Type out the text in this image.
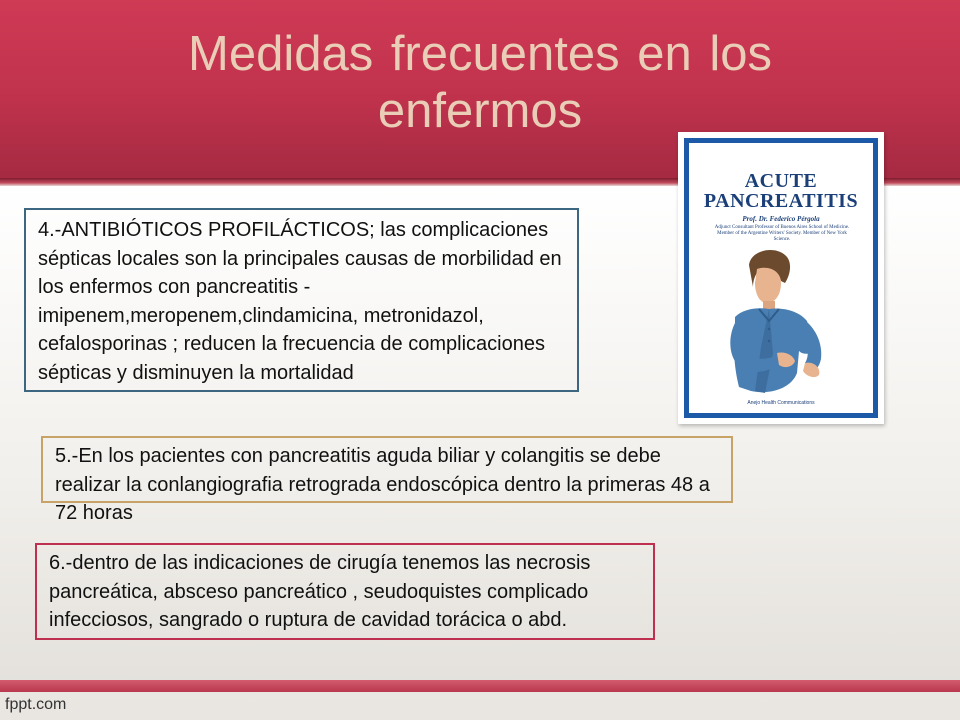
Medidas frecuentes en los enfermos
4.-ANTIBIÓTICOS PROFILÁCTICOS; las complicaciones sépticas locales son la principales causas de morbilidad en los enfermos con pancreatitis -imipenem,meropenem,clindamicina, metronidazol, cefalosporinas ; reducen la frecuencia de complicaciones sépticas y disminuyen la mortalidad
5.-En los pacientes con pancreatitis aguda biliar y colangitis se debe realizar la conlangiografia retrograda endoscópica dentro la primeras 48 a 72 horas
6.-dentro de las indicaciones de cirugía tenemos las necrosis pancreática, absceso pancreático , seudoquistes complicado infecciosos, sangrado o ruptura de cavidad torácica o abd.
ACUTE
PANCREATITIS
Prof. Dr. Federico Pérgola
Adjunct Consultant Professor of Buenos Aires School of Medicine. Member of the Argentine Writers' Society. Member of New York Science.
Anejo Health Communications
fppt.com
